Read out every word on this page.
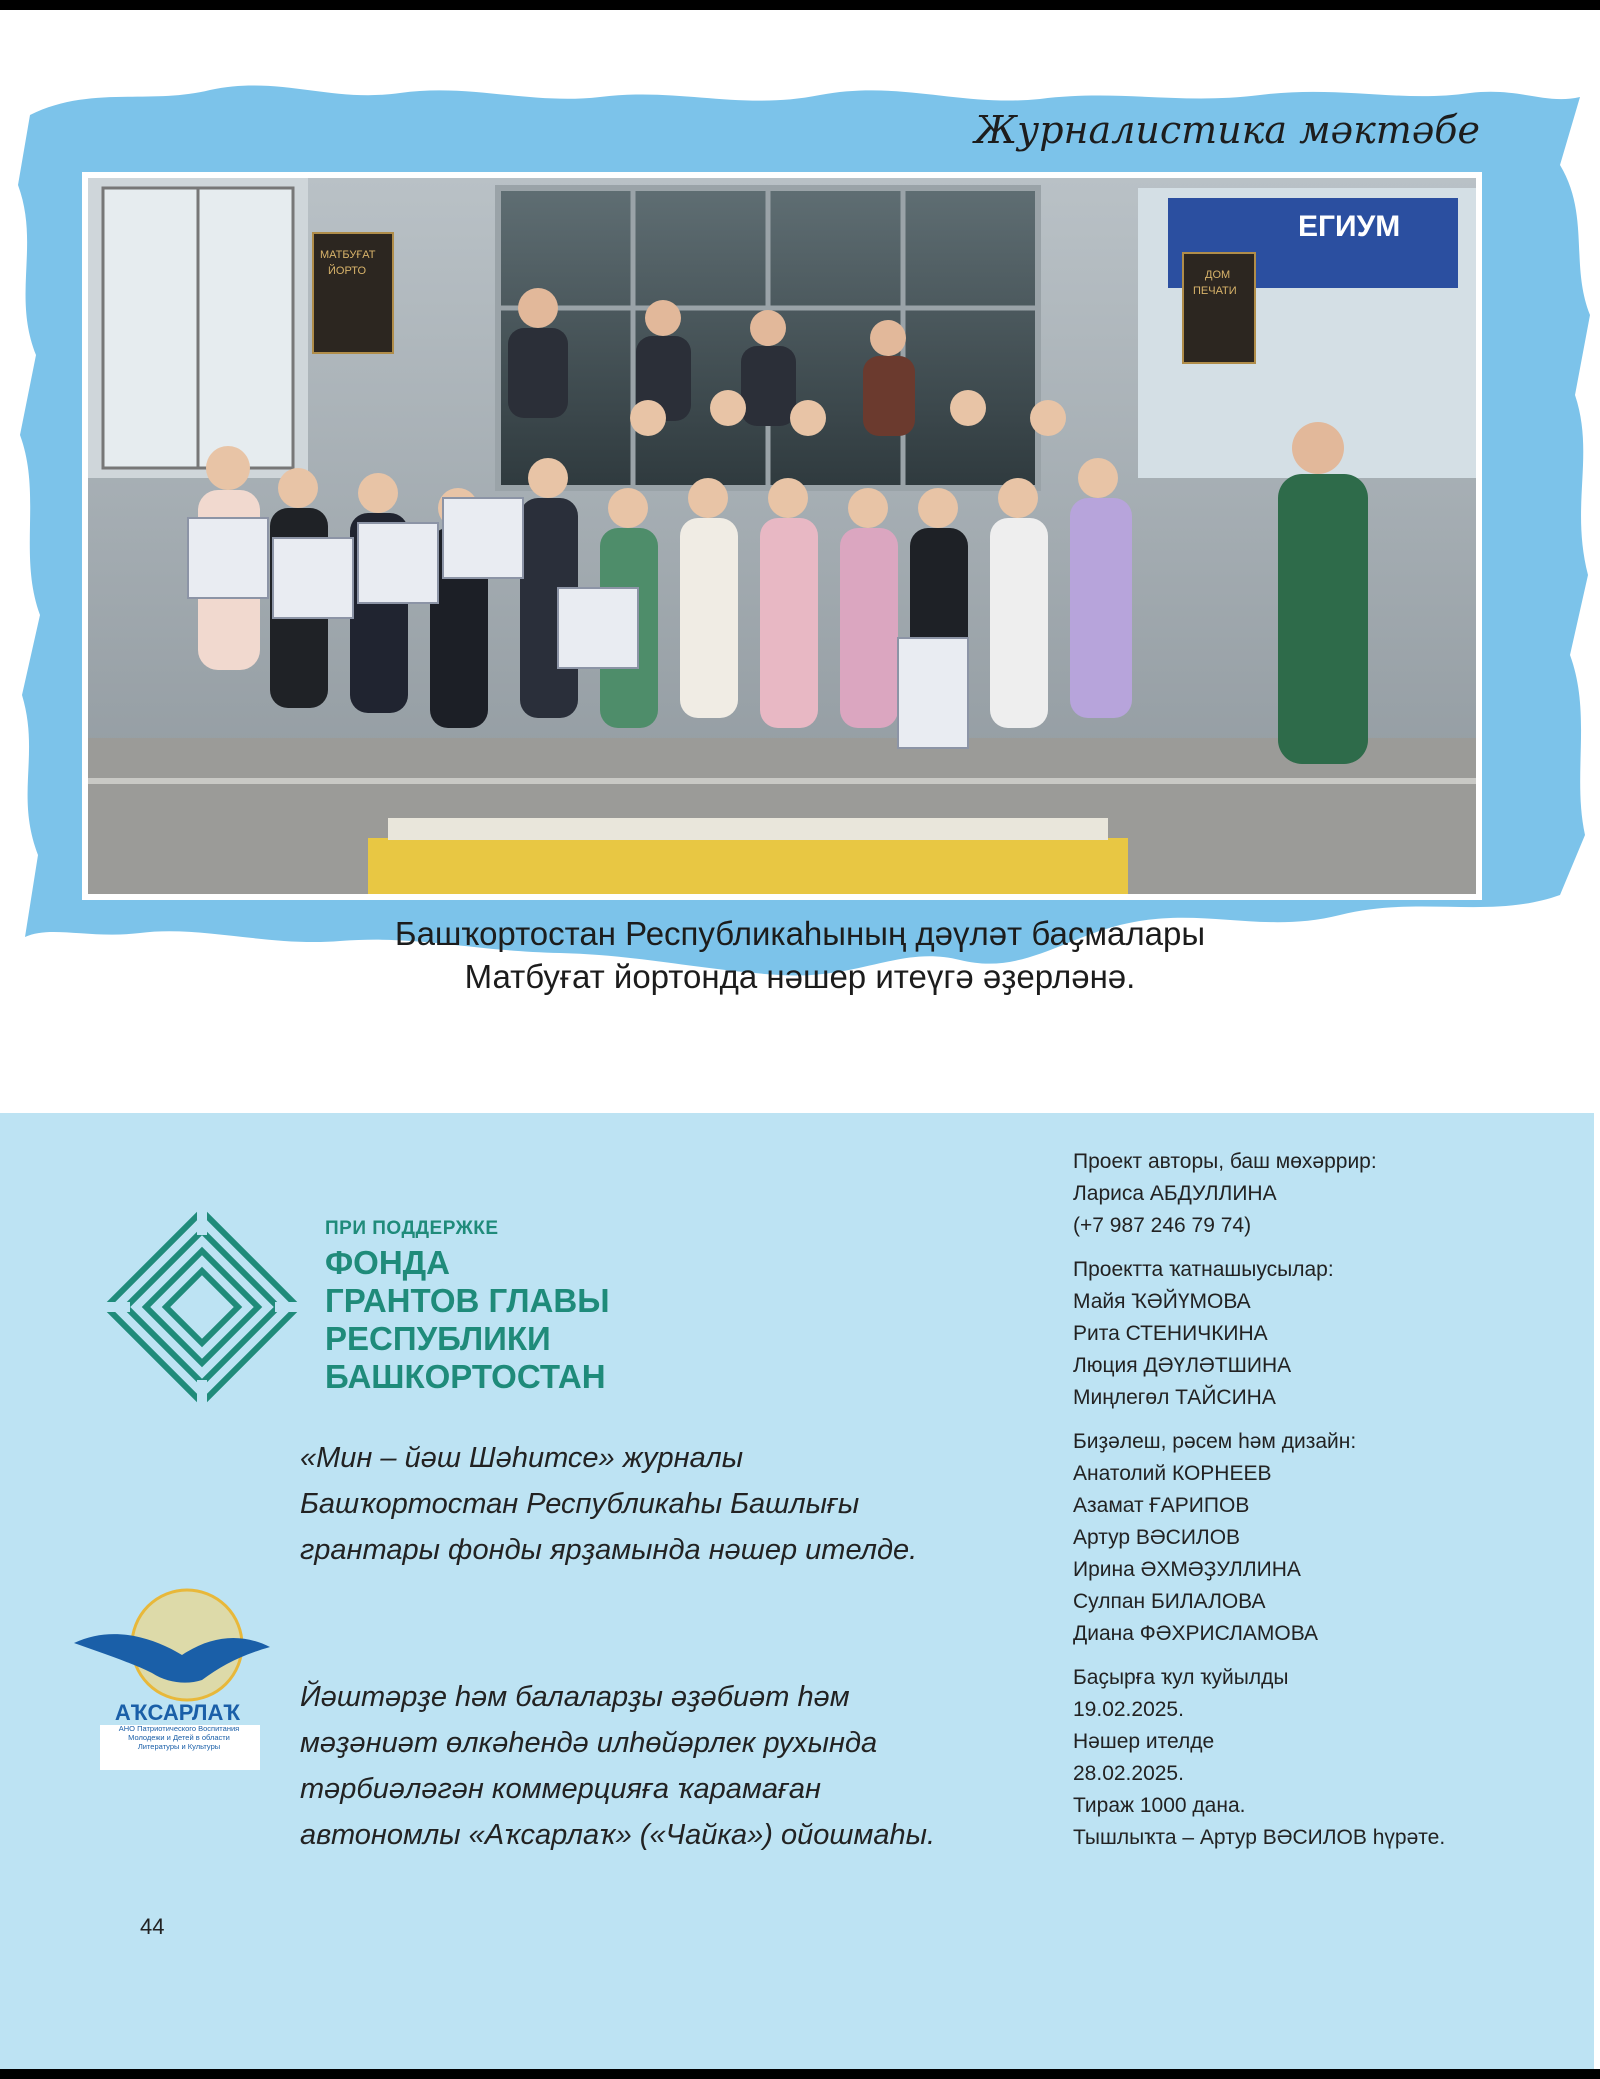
Журналистика мәктәбе
ЕГИУМ
МАТБУҒАТ
ЙОРТО	ДОМ
ПЕЧАТИ
Башҡортостан Республикаһының дәүләт баҫмалары
Матбуғат йортонда нәшер итеүгә әҙерләнә.
ПРИ ПОДДЕРЖКЕ
ФОНДА
ГРАНТОВ ГЛАВЫ
РЕСПУБЛИКИ
БАШКОРТОСТАН
«Мин – йәш Шәһитсе» журналы
Башҡортостан Республикаһы Башлығы
грантары фонды ярҙамында нәшер ителде.
АҠСАРЛАҠ
АНО Патриотического Воспитания
Молодежи и Детей в области
Литературы и Культуры
Йәштәрҙе һәм балаларҙы әҙәбиәт һәм
мәҙәниәт өлкәһендә илһөйәрлек рухында
тәрбиәләгән коммерцияға ҡарамаған
автономлы «Аҡсарлаҡ» («Чайка») ойошмаһы.
Проект авторы, баш мөхәррир:
Лариса АБДУЛЛИНА
(+7 987 246 79 74)
Проектта ҡатнашыусылар:
Майя ҠӘЙҮМОВА
Рита СТЕНИЧКИНА
Люция ДӘҮЛӘТШИНА
Миңлегөл ТАЙСИНА
Биҙәлеш, рәсем һәм дизайн:
Анатолий КОРНЕЕВ
Азамат ҒАРИПОВ
Артур ВӘСИЛОВ
Ирина ӘХМӘҘУЛЛИНА
Сулпан БИЛАЛОВА
Диана ФӘХРИСЛАМОВА
Баҫырға ҡул ҡуйылды
19.02.2025.
Нәшер ителде
28.02.2025.
Тираж 1000 дана.
Тышлыҡта – Артур ВӘСИЛОВ һүрәте.
44
